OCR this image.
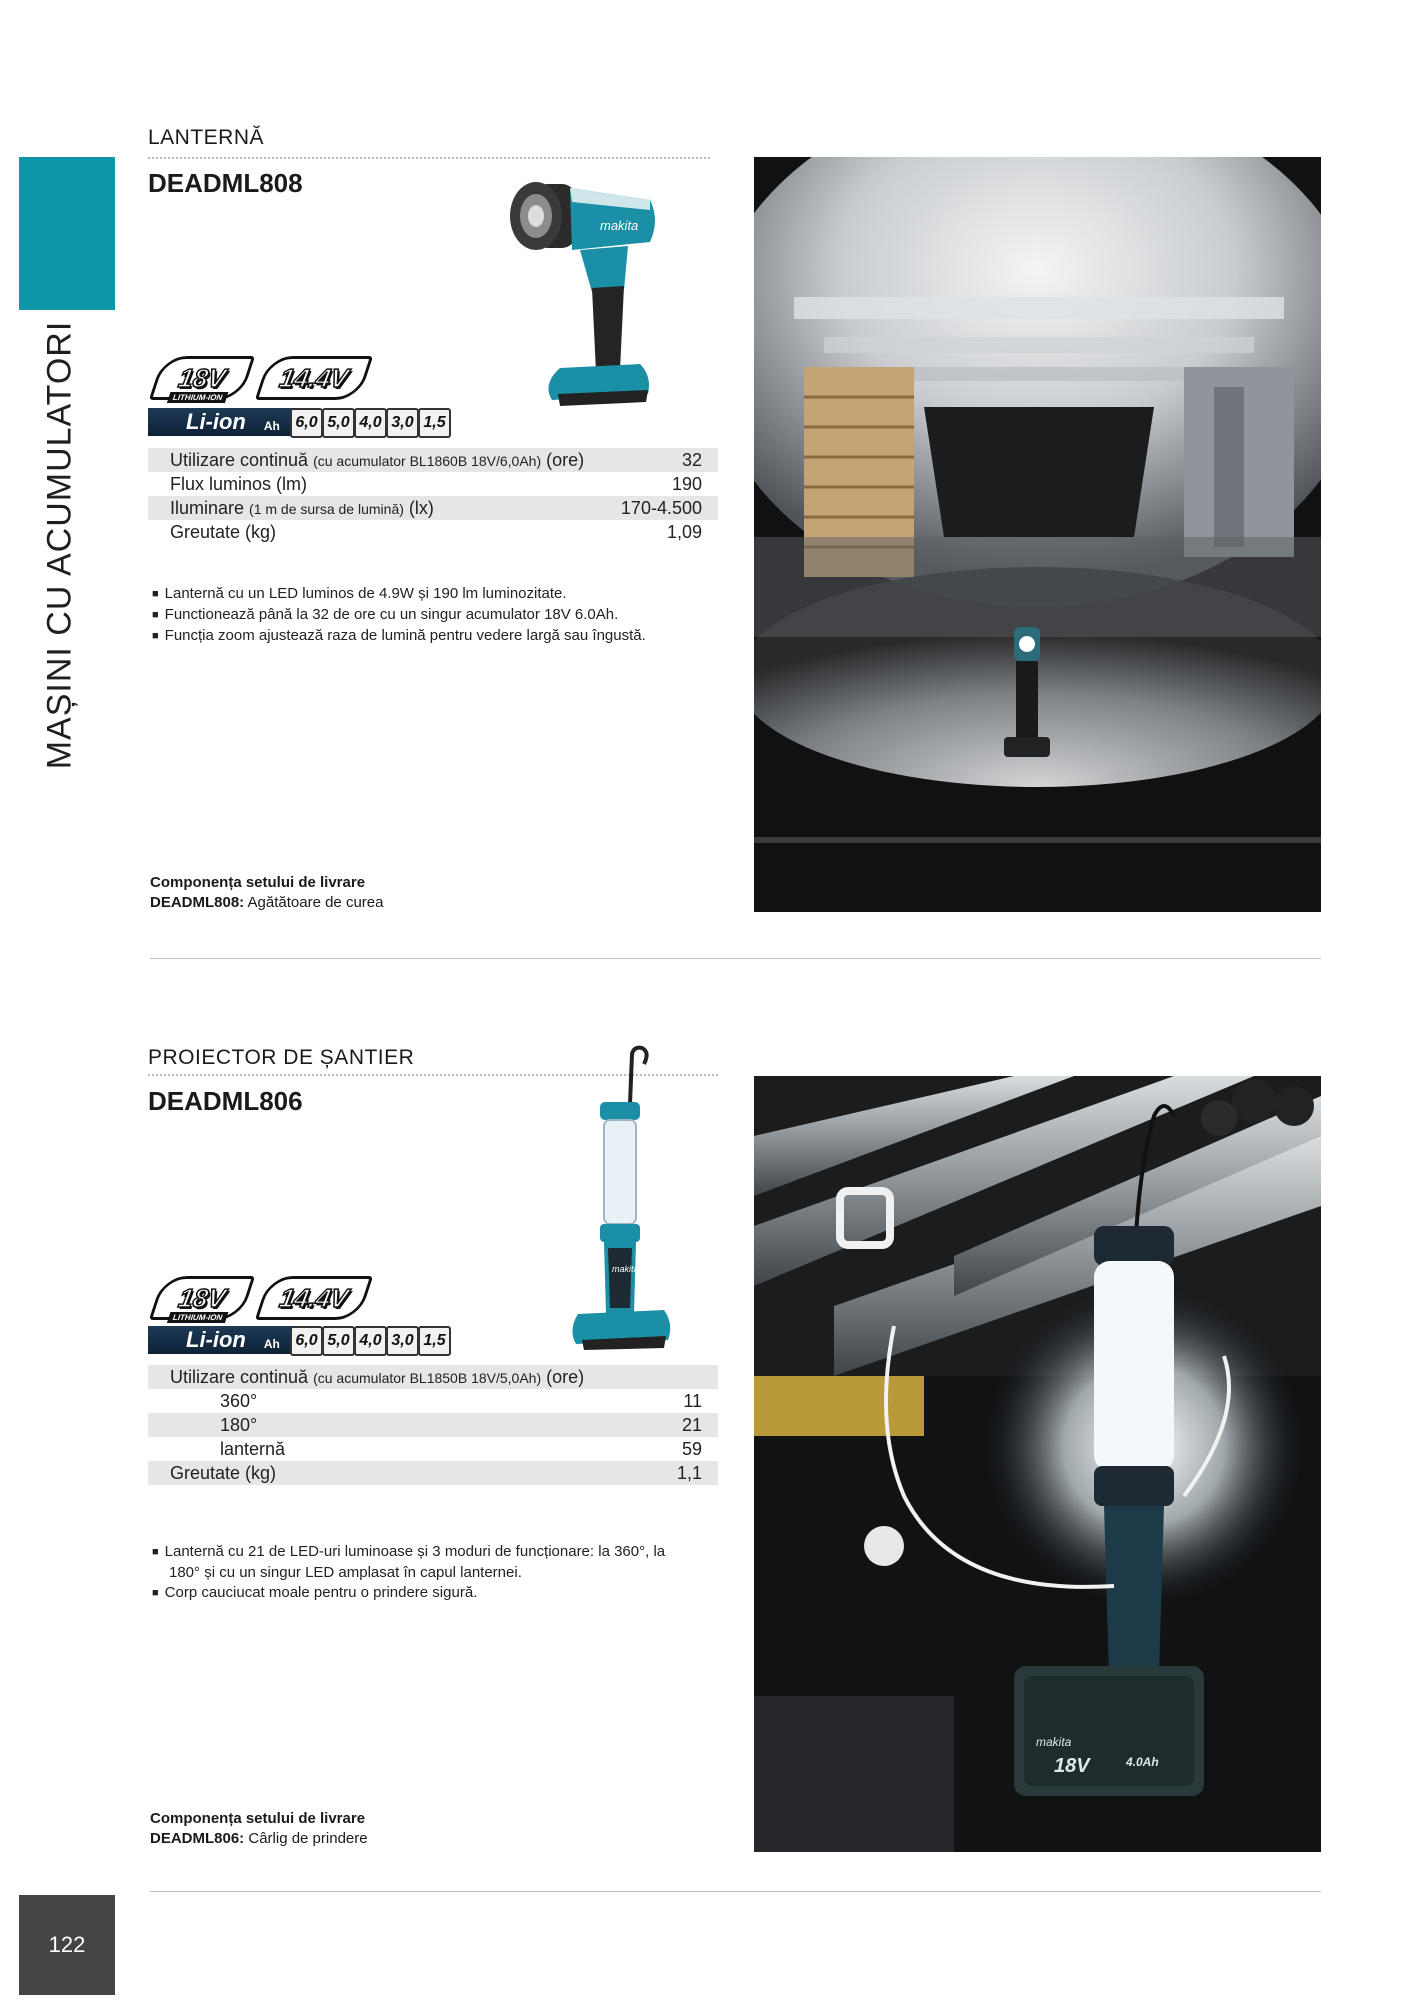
MAȘINI CU ACUMULATORI
122
LANTERNĂ
DEADML808
makita
18V
LITHIUM-ION
14.4V
Li-ion Ah 6,0 5,0 4,0 3,0 1,5
Utilizare continuă (cu acumulator BL1860B 18V/6,0Ah) (ore)	32
Flux luminos (lm)	190
Iluminare (1 m de sursa de lumină) (lx)	170-4.500
Greutate (kg)	1,09
■ Lanternă cu un LED luminos de 4.9W și 190 lm luminozitate.
■ Functionează până la 32 de ore cu un singur acumulator 18V 6.0Ah.
■ Funcția zoom ajustează raza de lumină pentru vedere largă sau îngustă.
Componența setului de livrare
DEADML808: Agătătoare de curea
PROIECTOR DE ȘANTIER
DEADML806
makita
18V
LITHIUM-ION
14.4V
Li-ion Ah 6,0 5,0 4,0 3,0 1,5
Utilizare continuă (cu acumulator BL1850B 18V/5,0Ah) (ore)
360°	11
180°	21
lanternă	59
Greutate (kg)	1,1
■ Lanternă cu 21 de LED-uri luminoase și 3 moduri de funcționare: la 360°, la
180° și cu un singur LED amplasat în capul lanternei.
■ Corp cauciucat moale pentru o prindere sigură.
Componența setului de livrare
DEADML806: Cârlig de prindere
makita
18V	4.0Ah
